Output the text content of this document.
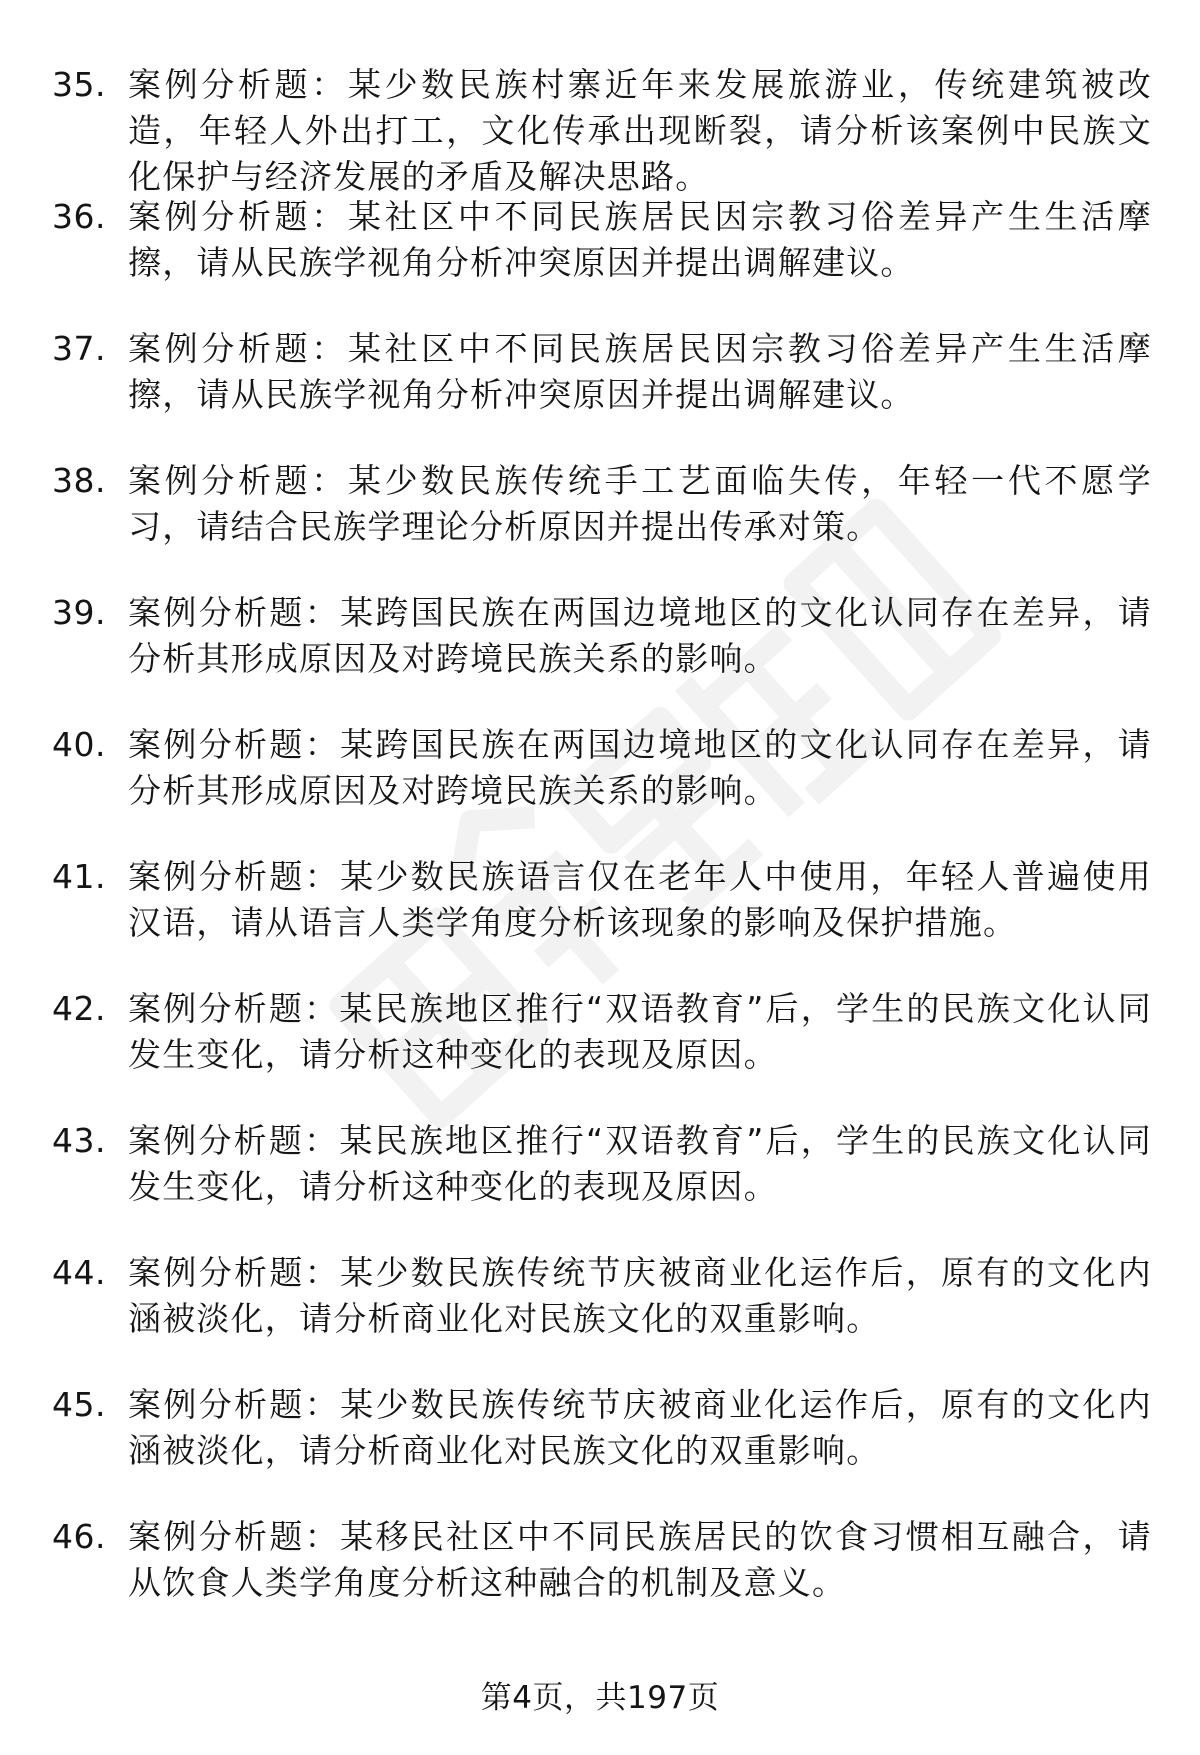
35. 案例分析题：某少数民族村寨近年来发展旅游业，传统建筑被改造，年轻人外出打工，文化传承出现断裂，请分析该案例中民族文化保护与经济发展的矛盾及解决思路。

36. 案例分析题：某社区中不同民族居民因宗教习俗差异产生生活摩擦，请从民族学视角分析冲突原因并提出调解建议。

37. 案例分析题：某社区中不同民族居民因宗教习俗差异产生生活摩擦，请从民族学视角分析冲突原因并提出调解建议。

38. 案例分析题：某少数民族传统手工艺面临失传，年轻一代不愿学习，请结合民族学理论分析原因并提出传承对策。

39. 案例分析题：某跨国民族在两国边境地区的文化认同存在差异，请分析其形成原因及对跨境民族关系的影响。

40. 案例分析题：某跨国民族在两国边境地区的文化认同存在差异，请分析其形成原因及对跨境民族关系的影响。

41. 案例分析题：某少数民族语言仅在老年人中使用，年轻人普遍使用汉语，请从语言人类学角度分析该现象的影响及保护措施。

42. 案例分析题：某民族地区推行“双语教育”后，学生的民族文化认同发生变化，请分析这种变化的表现及原因。

43. 案例分析题：某民族地区推行“双语教育”后，学生的民族文化认同发生变化，请分析这种变化的表现及原因。

44. 案例分析题：某少数民族传统节庆被商业化运作后，原有的文化内涵被淡化，请分析商业化对民族文化的双重影响。

45. 案例分析题：某少数民族传统节庆被商业化运作后，原有的文化内涵被淡化，请分析商业化对民族文化的双重影响。

46. 案例分析题：某移民社区中不同民族居民的饮食习惯相互融合，请从饮食人类学角度分析这种融合的机制及意义。

第4页，共197页
